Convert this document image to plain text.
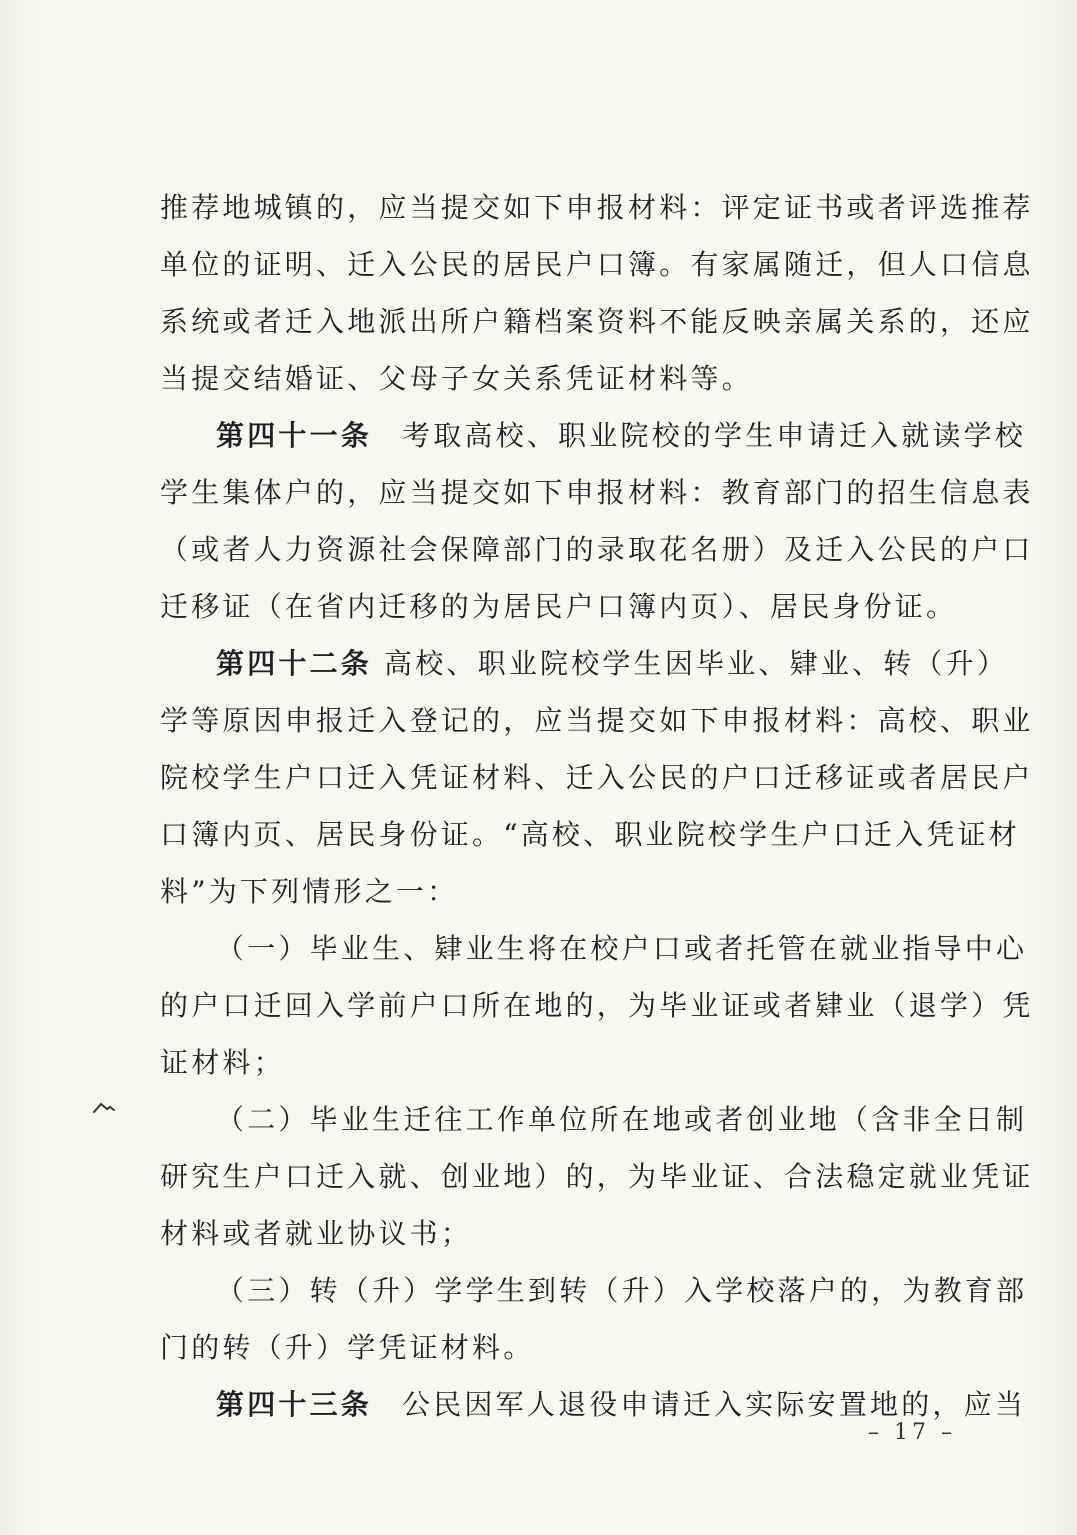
推荐地城镇的，应当提交如下申报材料：评定证书或者评选推荐
单位的证明、迁入公民的居民户口簿。有家属随迁，但人口信息
系统或者迁入地派出所户籍档案资料不能反映亲属关系的，还应
当提交结婚证、父母子女关系凭证材料等。
第四十一条 考取高校、职业院校的学生申请迁入就读学校
学生集体户的，应当提交如下申报材料：教育部门的招生信息表
（或者人力资源社会保障部门的录取花名册）及迁入公民的户口
迁移证（在省内迁移的为居民户口簿内页）、居民身份证。
第四十二条 高校、职业院校学生因毕业、肄业、转（升）
学等原因申报迁入登记的，应当提交如下申报材料：高校、职业
院校学生户口迁入凭证材料、迁入公民的户口迁移证或者居民户
口簿内页、居民身份证。“高校、职业院校学生户口迁入凭证材
料”为下列情形之一：
（一）毕业生、肄业生将在校户口或者托管在就业指导中心
的户口迁回入学前户口所在地的，为毕业证或者肄业（退学）凭
证材料；
（二）毕业生迁往工作单位所在地或者创业地（含非全日制
研究生户口迁入就、创业地）的，为毕业证、合法稳定就业凭证
材料或者就业协议书；
（三）转（升）学学生到转（升）入学校落户的，为教育部
门的转（升）学凭证材料。
第四十三条 公民因军人退役申请迁入实际安置地的，应当
– 17 –
